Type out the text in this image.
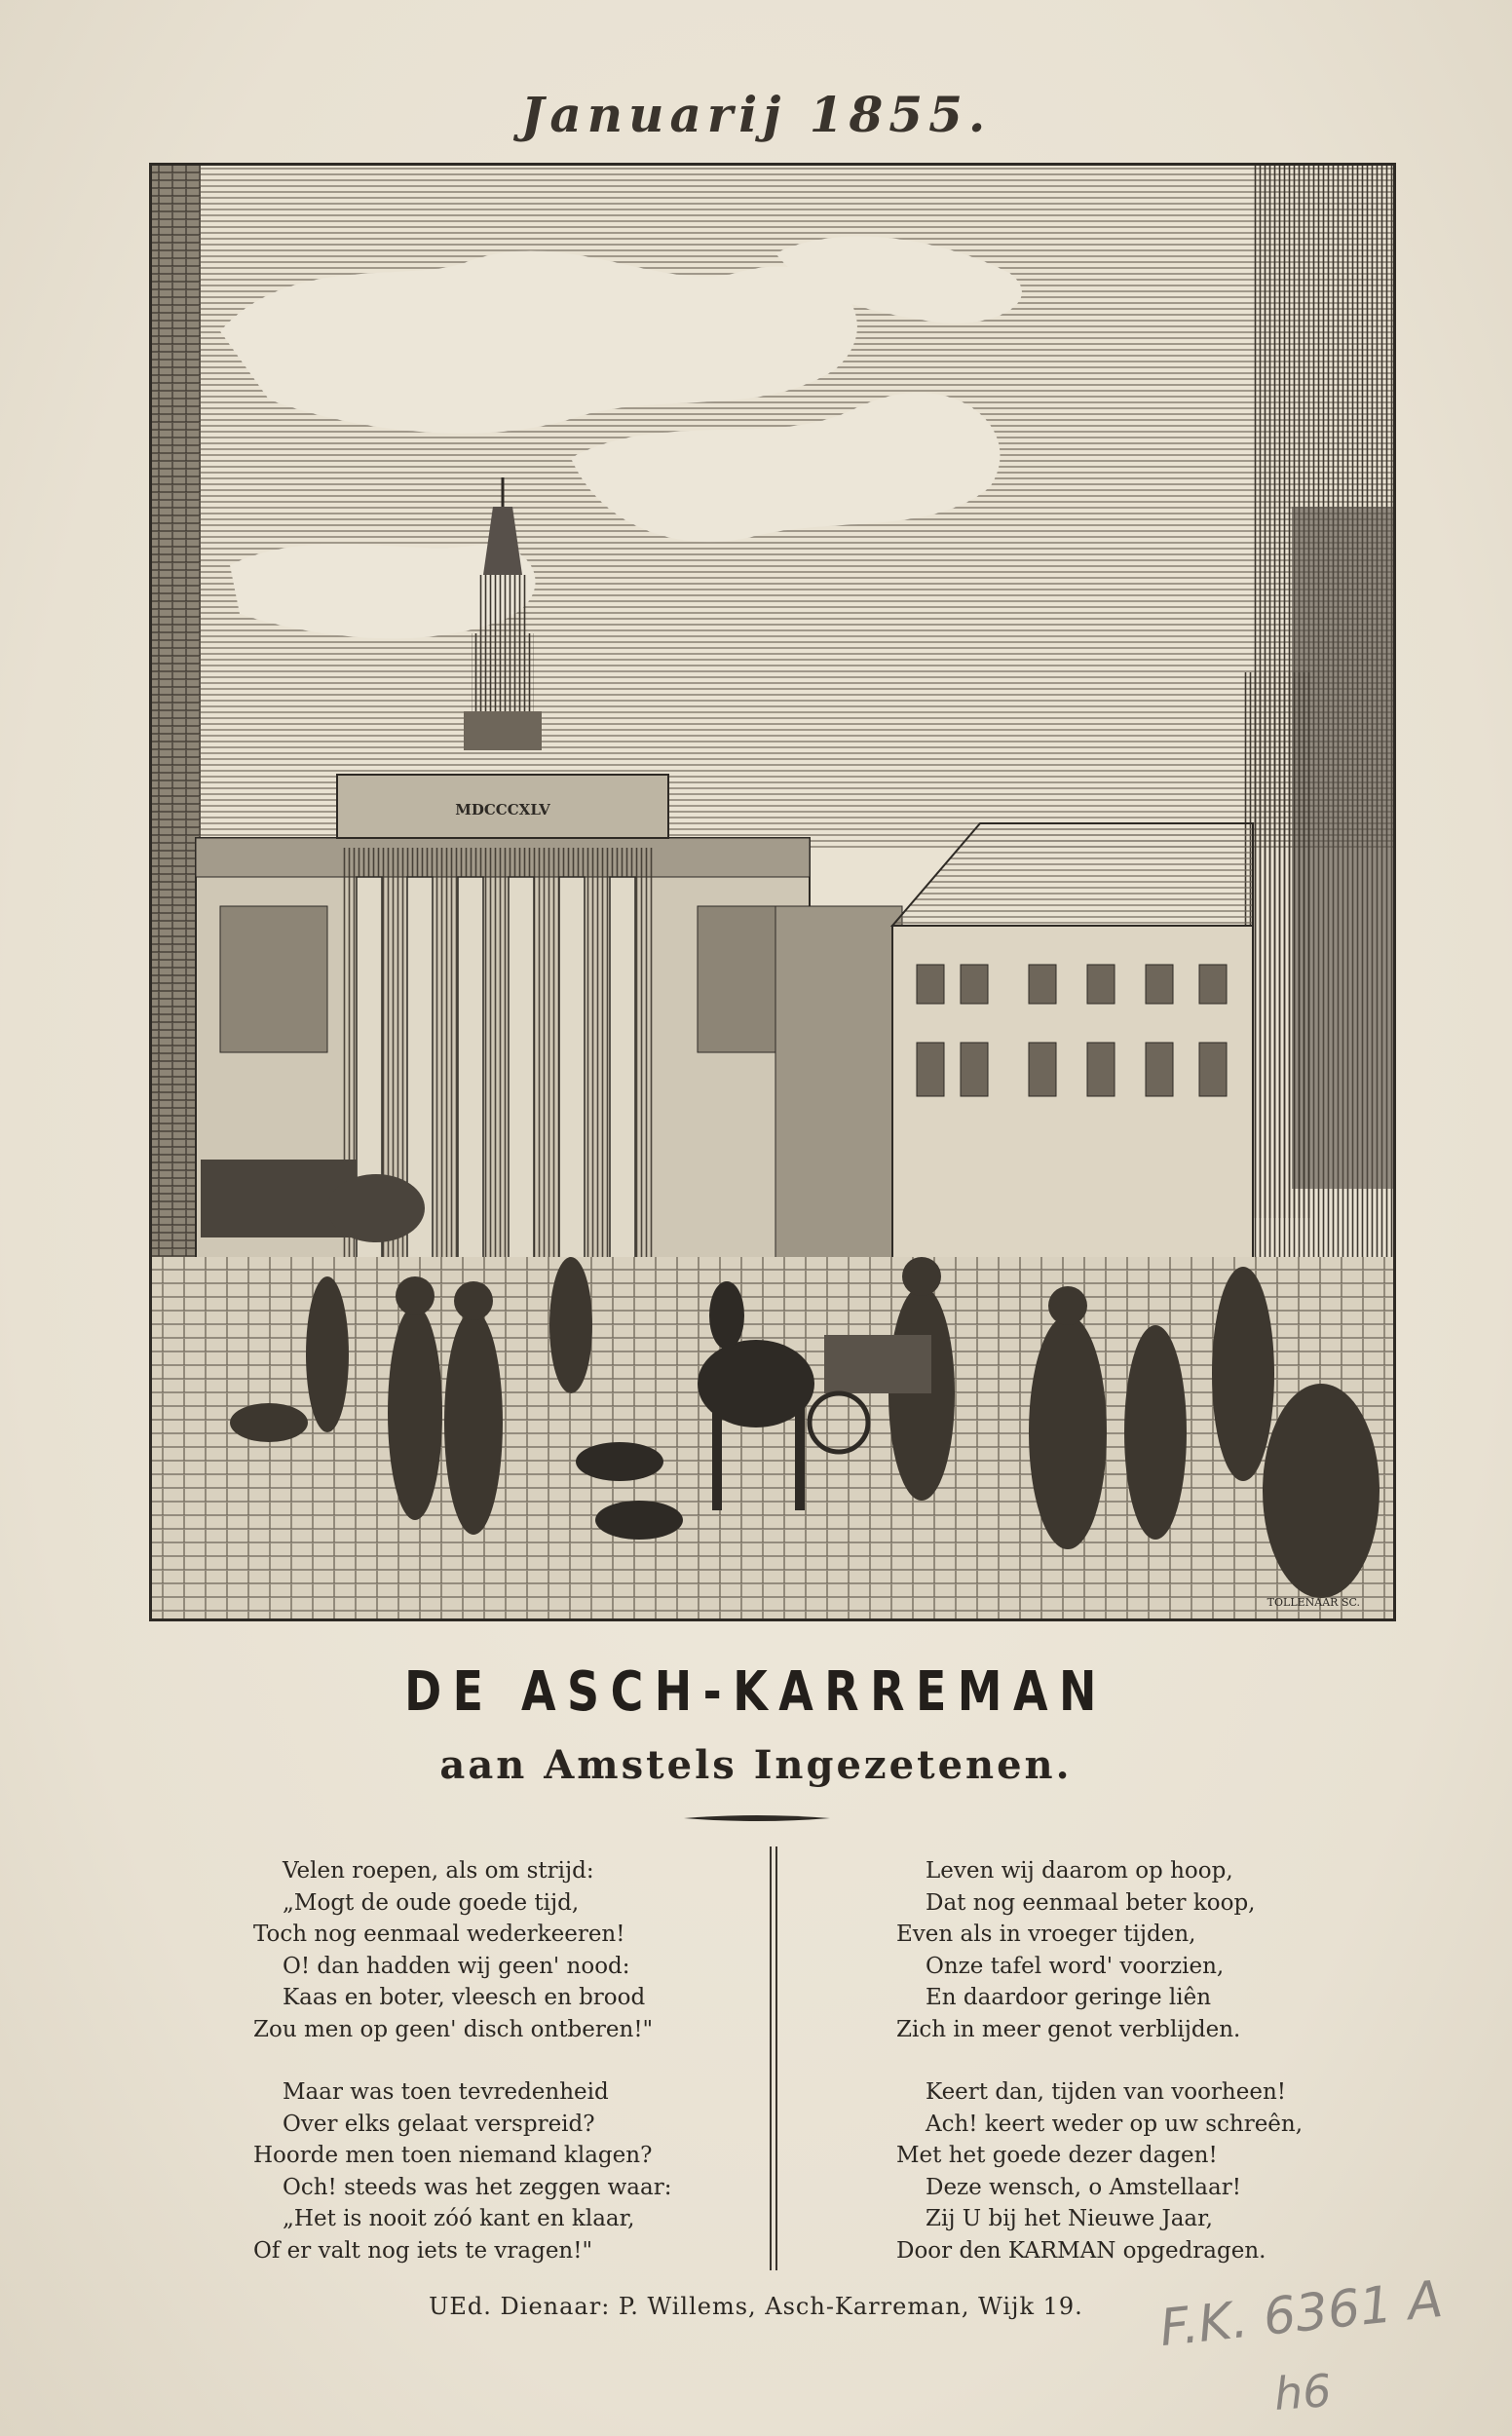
Januarij 1855.
MDCCCXLV
TOLLENAAR SC.
DE ASCH-KARREMAN
aan Amstels Ingezetenen.
Velen roepen, als om strijd:
„Mogt de oude goede tijd,
Toch nog eenmaal wederkeeren!
O! dan hadden wij geen' nood:
Kaas en boter, vleesch en brood
Zou men op geen' disch ontberen!"
Maar was toen tevredenheid
Over elks gelaat verspreid?
Hoorde men toen niemand klagen?
Och! steeds was het zeggen waar:
„Het is nooit zóó kant en klaar,
Of er valt nog iets te vragen!"
Leven wij daarom op hoop,
Dat nog eenmaal beter koop,
Even als in vroeger tijden,
Onze tafel word' voorzien,
En daardoor geringe liên
Zich in meer genot verblijden.
Keert dan, tijden van voorheen!
Ach! keert weder op uw schreên,
Met het goede dezer dagen!
Deze wensch, o Amstellaar!
Zij U bij het Nieuwe Jaar,
Door den KARMAN opgedragen.
UEd. Dienaar: P. Willems, Asch-Karreman, Wijk 19.	F.K. 6361 A
h6
